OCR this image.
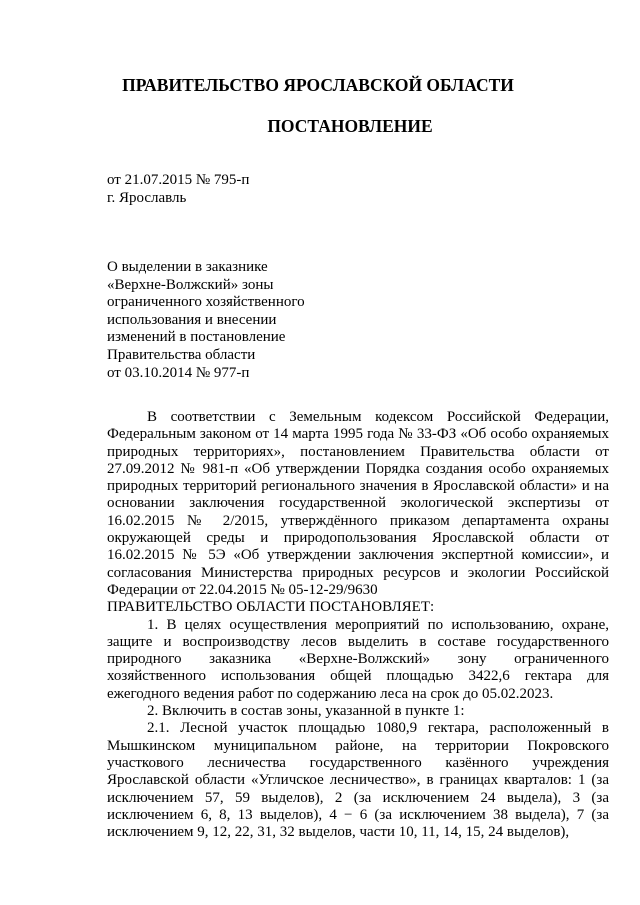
ПРАВИТЕЛЬСТВО ЯРОСЛАВСКОЙ ОБЛАСТИ
ПОСТАНОВЛЕНИЕ
от 21.07.2015 № 795-п
г. Ярославль
О выделении в заказнике
«Верхне-Волжский» зоны
ограниченного хозяйственного
использования и внесении
изменений в постановление
Правительства области
от 03.10.2014 № 977-п

В соответствии с Земельным кодексом Российской Федерации, Федеральным законом от 14 марта 1995 года № 33-ФЗ «Об особо охраняемых природных территориях», постановлением Правительства области от 27.09.2012 № 981-п «Об утверждении Порядка создания особо охраняемых природных территорий регионального значения в Ярославской области» и на основании заключения государственной экологической экспертизы от 16.02.2015 № 2/2015, утверждённого приказом департамента охраны окружающей среды и природопользования Ярославской области от 16.02.2015 № 5Э «Об утверждении заключения экспертной комиссии», и согласования Министерства природных ресурсов и экологии Российской Федерации от 22.04.2015 № 05-12-29/9630

ПРАВИТЕЛЬСТВО ОБЛАСТИ ПОСТАНОВЛЯЕТ:

1. В целях осуществления мероприятий по использованию, охране, защите и воспроизводству лесов выделить в составе государственного природного заказника «Верхне-Волжский» зону ограниченного хозяйственного использования общей площадью 3422,6 гектара для ежегодного ведения работ по содержанию леса на срок до 05.02.2023.

2. Включить в состав зоны, указанной в пункте 1:

2.1. Лесной участок площадью 1080,9 гектара, расположенный в Мышкинском муниципальном районе, на территории Покровского участкового лесничества государственного казённого учреждения Ярославской области «Угличское лесничество», в границах кварталов: 1 (за исключением 57, 59 выделов), 2 (за исключением 24 выдела), 3 (за исключением 6, 8, 13 выделов), 4 − 6 (за исключением 38 выдела), 7 (за исключением 9, 12, 22, 31, 32 выделов, части 10, 11, 14, 15, 24 выделов),
